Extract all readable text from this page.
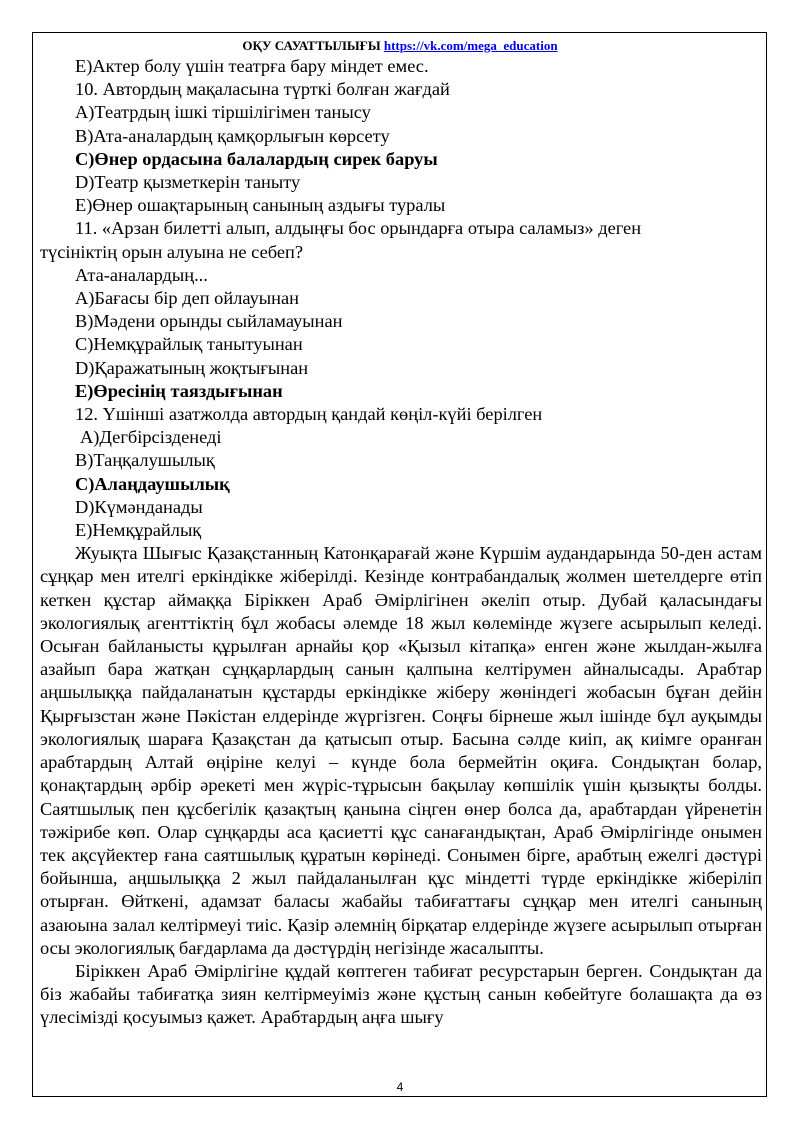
ОҚУ САУАТТЫЛЫҒЫ https://vk.com/mega_education
E)Актер болу үшін театрға бару міндет емес.
10. Автордың мақаласына түрткі болған жағдай
A)Театрдың ішкі тіршілігімен танысу
B)Ата-аналардың қамқорлығын көрсету
C)Өнер ордасына балалардың сирек баруы
D)Театр қызметкерін таныту
E)Өнер ошақтарының санының аздығы туралы
11. «Арзан билетті алып, алдыңғы бос орындарға отыра саламыз» деген
түсініктің орын алуына не себеп?
Ата-аналардың...
A)Бағасы бір деп ойлауынан
B)Мәдени орынды сыйламауынан
C)Немқұрайлық танытуынан
D)Қаражатының жоқтығынан
E)Өресінің таяздығынан
12. Үшінші азатжолда автордың қандай көңіл-күйі берілген
A)Дегбірсізденеді
B)Таңқалушылық
C)Алаңдаушылық
D)Күмәнданады
E)Немқұрайлық
Жуықта Шығыс Қазақстанның Катонқарағай және Күршім аудандарында 50-ден астам сұңқар мен ителгі еркіндікке жіберілді. Кезінде контрабандалық жолмен шетелдерге өтіп кеткен құстар аймаққа Біріккен Араб Әмірлігінен әкеліп отыр. Дубай қаласындағы экологиялық агенттіктің бұл жобасы әлемде 18 жыл көлемінде жүзеге асырылып келеді. Осыған байланысты құрылған арнайы қор «Қызыл кітапқа» енген және жылдан-жылға азайып бара жатқан сұңқарлардың санын қалпына келтірумен айналысады. Арабтар аңшылыққа пайдаланатын құстарды еркіндікке жіберу жөніндегі жобасын бұған дейін Қырғызстан және Пәкістан елдерінде жүргізген. Соңғы бірнеше жыл ішінде бұл ауқымды экологиялық шараға Қазақстан да қатысып отыр. Басына сәлде киіп, ақ киімге оранған арабтардың Алтай өңіріне келуі – күнде бола бермейтін оқиға. Сондықтан болар, қонақтардың әрбір әрекеті мен жүріс-тұрысын бақылау көпшілік үшін қызықты болды. Саятшылық пен құсбегілік қазақтың қанына сіңген өнер болса да, арабтардан үйренетін тәжірибе көп. Олар сұңқарды аса қасиетті құс санағандықтан, Араб Әмірлігінде онымен тек ақсүйектер ғана саятшылық құратын көрінеді. Сонымен бірге, арабтың ежелгі дәстүрі бойынша, аңшылыққа 2 жыл пайдаланылған құс міндетті түрде еркіндікке жіберіліп отырған. Өйткені, адамзат баласы жабайы табиғаттағы сұңқар мен ителгі санының азаюына залал келтірмеуі тиіс. Қазір әлемнің бірқатар елдерінде жүзеге асырылып отырған осы экологиялық бағдарлама да дәстүрдің негізінде жасалыпты.
Біріккен Араб Әмірлігіне құдай көптеген табиғат ресурстарын берген. Сондықтан да біз жабайы табиғатқа зиян келтірмеуіміз және құстың санын көбейтуге болашақта да өз үлесімізді қосуымыз қажет. Арабтардың аңға шығу
4
